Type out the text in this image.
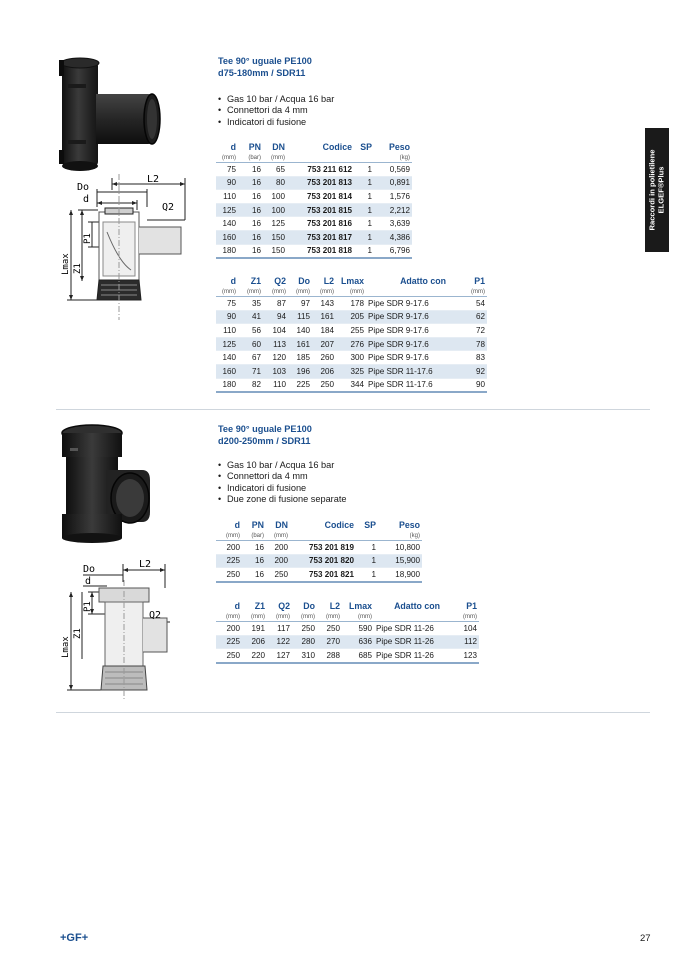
Raccordi in polietilene
ELGEF®Plus
L2
Do
d
Q2
P1
Z1
Lmax
Tee 90° uguale PE100
d75-180mm / SDR11
• Gas 10 bar / Acqua 16 bar
• Connettori da 4 mm
• Indicatori di fusione
d	PN	DN	Codice	SP	Peso
(mm)	(bar)	(mm)			(kg)
75	16	65	753 211 612	1	0,569
90	16	80	753 201 813	1	0,891
110	16	100	753 201 814	1	1,576
125	16	100	753 201 815	1	2,212
140	16	125	753 201 816	1	3,639
160	16	150	753 201 817	1	4,386
180	16	150	753 201 818	1	6,796
d	Z1	Q2	Do	L2	Lmax	Adatto con	P1
(mm)	(mm)	(mm)	(mm)	(mm)	(mm)		(mm)
75	35	87	97	143	178	Pipe SDR 9-17.6	54
90	41	94	115	161	205	Pipe SDR 9-17.6	62
110	56	104	140	184	255	Pipe SDR 9-17.6	72
125	60	113	161	207	276	Pipe SDR 9-17.6	78
140	67	120	185	260	300	Pipe SDR 9-17.6	83
160	71	103	196	206	325	Pipe SDR 11-17.6	92
180	82	110	225	250	344	Pipe SDR 11-17.6	90
L2
Do
d
Q2
P1
Z1
Lmax
Tee 90° uguale PE100
d200-250mm / SDR11
• Gas 10 bar / Acqua 16 bar
• Connettori da 4 mm
• Indicatori di fusione
• Due zone di fusione separate
d	PN	DN	Codice	SP	Peso
(mm)	(bar)	(mm)			(kg)
200	16	200	753 201 819	1	10,800
225	16	200	753 201 820	1	15,900
250	16	250	753 201 821	1	18,900
d	Z1	Q2	Do	L2	Lmax	Adatto con	P1
(mm)	(mm)	(mm)	(mm)	(mm)	(mm)		(mm)
200	191	117	250	250	590	Pipe SDR 11-26	104
225	206	122	280	270	636	Pipe SDR 11-26	112
250	220	127	310	288	685	Pipe SDR 11-26	123
+GF+	27
